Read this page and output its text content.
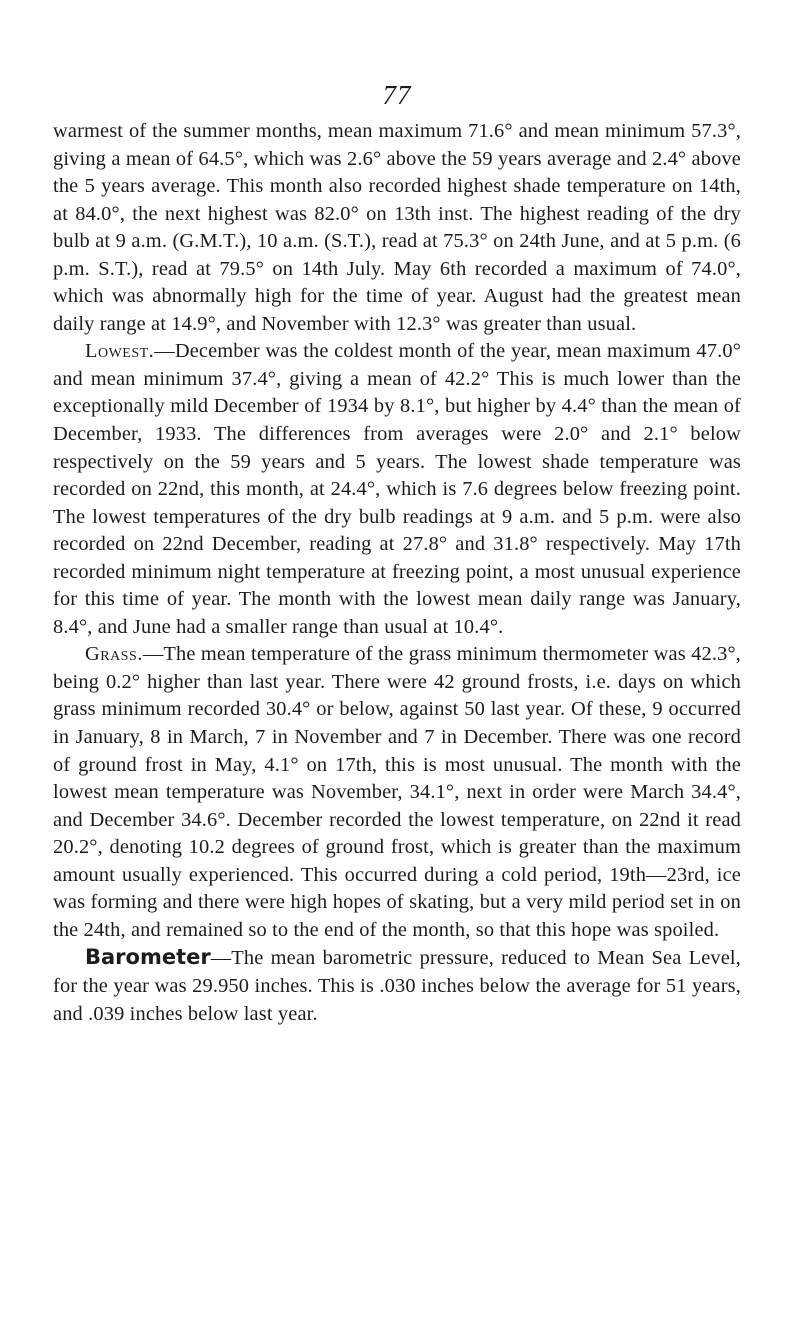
77

warmest of the summer months, mean maximum 71.6° and mean minimum 57.3°, giving a mean of 64.5°, which was 2.6° above the 59 years average and 2.4° above the 5 years average. This month also recorded highest shade temperature on 14th, at 84.0°, the next highest was 82.0° on 13th inst. The highest reading of the dry bulb at 9 a.m. (G.M.T.), 10 a.m. (S.T.), read at 75.3° on 24th June, and at 5 p.m. (6 p.m. S.T.), read at 79.5° on 14th July. May 6th recorded a maximum of 74.0°, which was abnormally high for the time of year. August had the greatest mean daily range at 14.9°, and November with 12.3° was greater than usual.

Lowest.—December was the coldest month of the year, mean maximum 47.0° and mean minimum 37.4°, giving a mean of 42.2° This is much lower than the exceptionally mild December of 1934 by 8.1°, but higher by 4.4° than the mean of December, 1933. The differences from averages were 2.0° and 2.1° below respectively on the 59 years and 5 years. The lowest shade temperature was recorded on 22nd, this month, at 24.4°, which is 7.6 degrees below freezing point. The lowest temperatures of the dry bulb readings at 9 a.m. and 5 p.m. were also recorded on 22nd December, reading at 27.8° and 31.8° respectively. May 17th recorded minimum night temperature at freezing point, a most unusual experience for this time of year. The month with the lowest mean daily range was January, 8.4°, and June had a smaller range than usual at 10.4°.

Grass.—The mean temperature of the grass minimum thermometer was 42.3°, being 0.2° higher than last year. There were 42 ground frosts, i.e. days on which grass minimum recorded 30.4° or below, against 50 last year. Of these, 9 occurred in January, 8 in March, 7 in November and 7 in December. There was one record of ground frost in May, 4.1° on 17th, this is most unusual. The month with the lowest mean temperature was November, 34.1°, next in order were March 34.4°, and December 34.6°. December recorded the lowest temperature, on 22nd it read 20.2°, denoting 10.2 degrees of ground frost, which is greater than the maximum amount usually experienced. This occurred during a cold period, 19th—23rd, ice was forming and there were high hopes of skating, but a very mild period set in on the 24th, and remained so to the end of the month, so that this hope was spoiled.

Barometer—The mean barometric pressure, reduced to Mean Sea Level, for the year was 29.950 inches. This is .030 inches below the average for 51 years, and .039 inches below last year.
